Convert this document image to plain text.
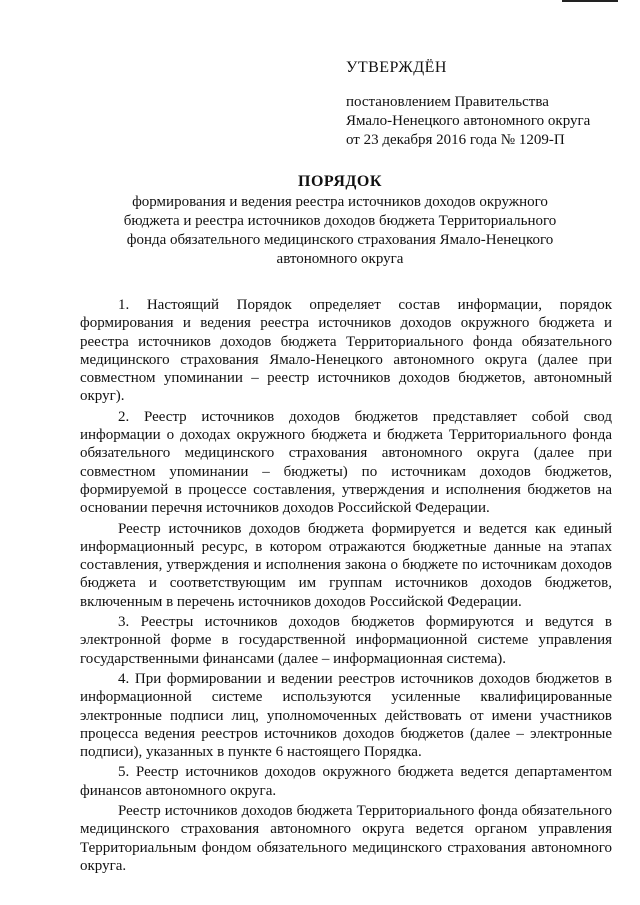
УТВЕРЖДЁН
постановлением Правительства
Ямало-Ненецкого автономного округа
от 23 декабря 2016 года № 1209-П
ПОРЯДОК
формирования и ведения реестра источников доходов окружного
бюджета и реестра источников доходов бюджета Территориального
фонда обязательного медицинского страхования Ямало-Ненецкого
автономного округа

1. Настоящий Порядок определяет состав информации, порядок формирования и ведения реестра источников доходов окружного бюджета и реестра источников доходов бюджета Территориального фонда обязательного медицинского страхования Ямало-Ненецкого автономного округа (далее при совместном упоминании – реестр источников доходов бюджетов, автономный округ).

2. Реестр источников доходов бюджетов представляет собой свод информации о доходах окружного бюджета и бюджета Территориального фонда обязательного медицинского страхования автономного округа (далее при совместном упоминании – бюджеты) по источникам доходов бюджетов, формируемой в процессе составления, утверждения и исполнения бюджетов на основании перечня источников доходов Российской Федерации.

Реестр источников доходов бюджета формируется и ведется как единый информационный ресурс, в котором отражаются бюджетные данные на этапах составления, утверждения и исполнения закона о бюджете по источникам доходов бюджета и соответствующим им группам источников доходов бюджетов, включенным в перечень источников доходов Российской Федерации.

3. Реестры источников доходов бюджетов формируются и ведутся в электронной форме в государственной информационной системе управления государственными финансами (далее – информационная система).

4. При формировании и ведении реестров источников доходов бюджетов в информационной системе используются усиленные квалифицированные электронные подписи лиц, уполномоченных действовать от имени участников процесса ведения реестров источников доходов бюджетов (далее – электронные подписи), указанных в пункте 6 настоящего Порядка.

5. Реестр источников доходов окружного бюджета ведется департаментом финансов автономного округа.

Реестр источников доходов бюджета Территориального фонда обязательного медицинского страхования автономного округа ведется органом управления Территориальным фондом обязательного медицинского страхования автономного округа.
